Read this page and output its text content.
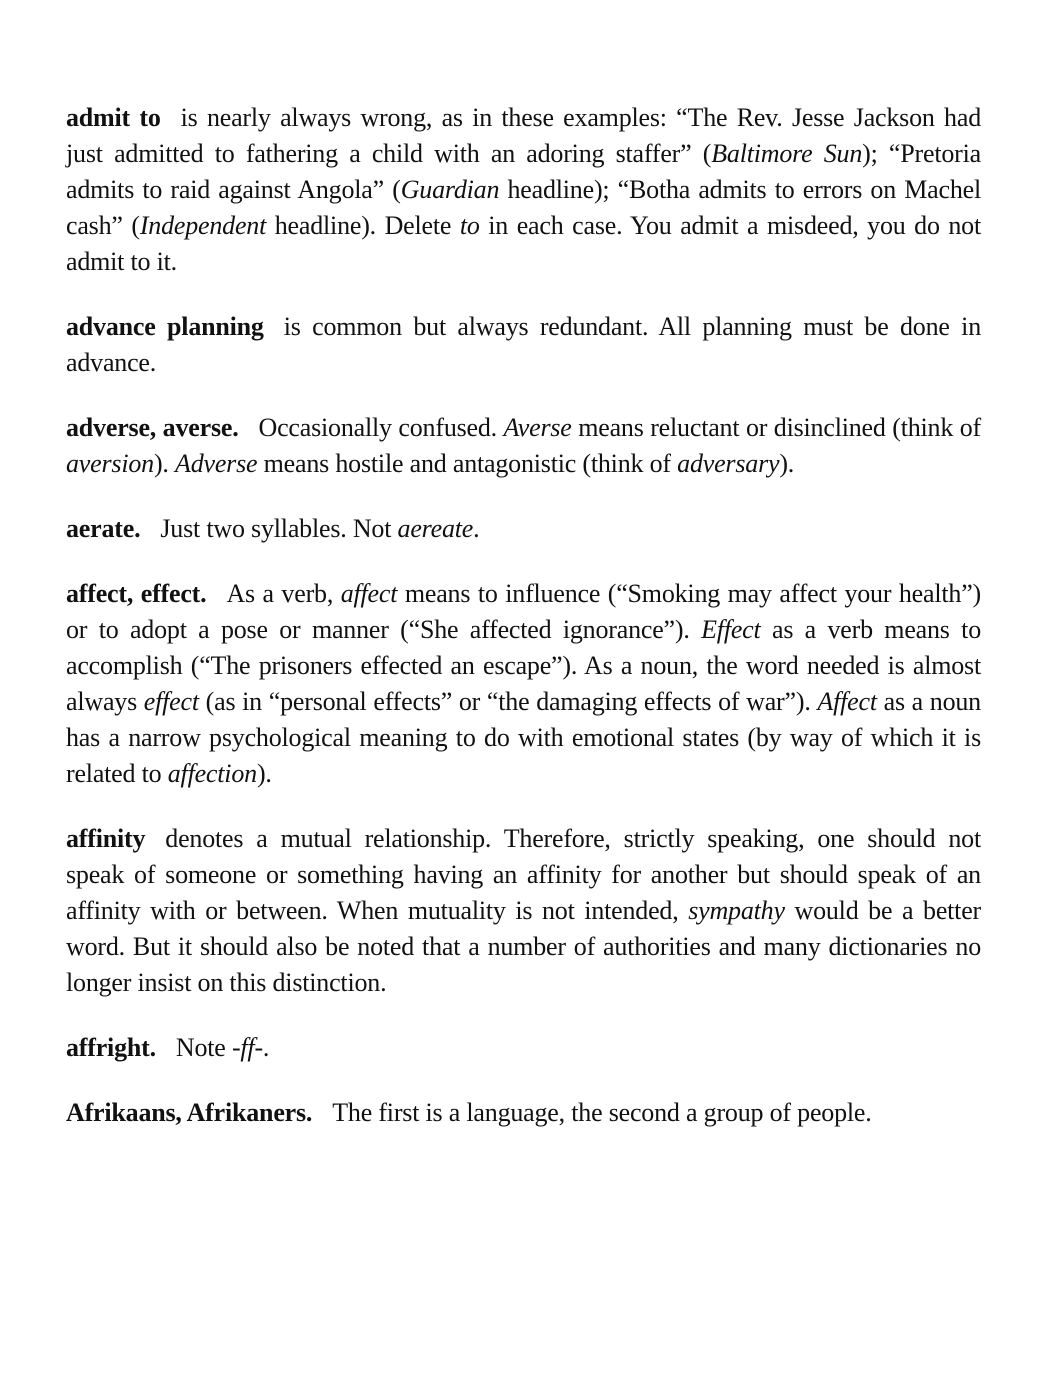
admit to is nearly always wrong, as in these examples: “The Rev. Jesse Jackson had just admitted to fathering a child with an adoring staffer” (Baltimore Sun); “Pretoria admits to raid against Angola” (Guardian headline); “Botha admits to errors on Machel cash” (Independent headline). Delete to in each case. You admit a misdeed, you do not admit to it.

advance planning is common but always redundant. All planning must be done in advance.

adverse, averse. Occasionally confused. Averse means reluctant or disinclined (think of aversion). Adverse means hostile and antagonistic (think of adversary).

aerate. Just two syllables. Not aereate.

affect, effect. As a verb, affect means to influence (“Smoking may affect your health”) or to adopt a pose or manner (“She affected ignorance”). Effect as a verb means to accomplish (“The prisoners effected an escape”). As a noun, the word needed is almost always effect (as in “personal effects” or “the damaging effects of war”). Affect as a noun has a narrow psychological meaning to do with emotional states (by way of which it is related to affection).

affinity denotes a mutual relationship. Therefore, strictly speaking, one should not speak of someone or something having an affinity for another but should speak of an affinity with or between. When mutuality is not intended, sympathy would be a better word. But it should also be noted that a number of authorities and many dictionaries no longer insist on this distinction.

affright. Note -ff-.

Afrikaans, Afrikaners. The first is a language, the second a group of people.
